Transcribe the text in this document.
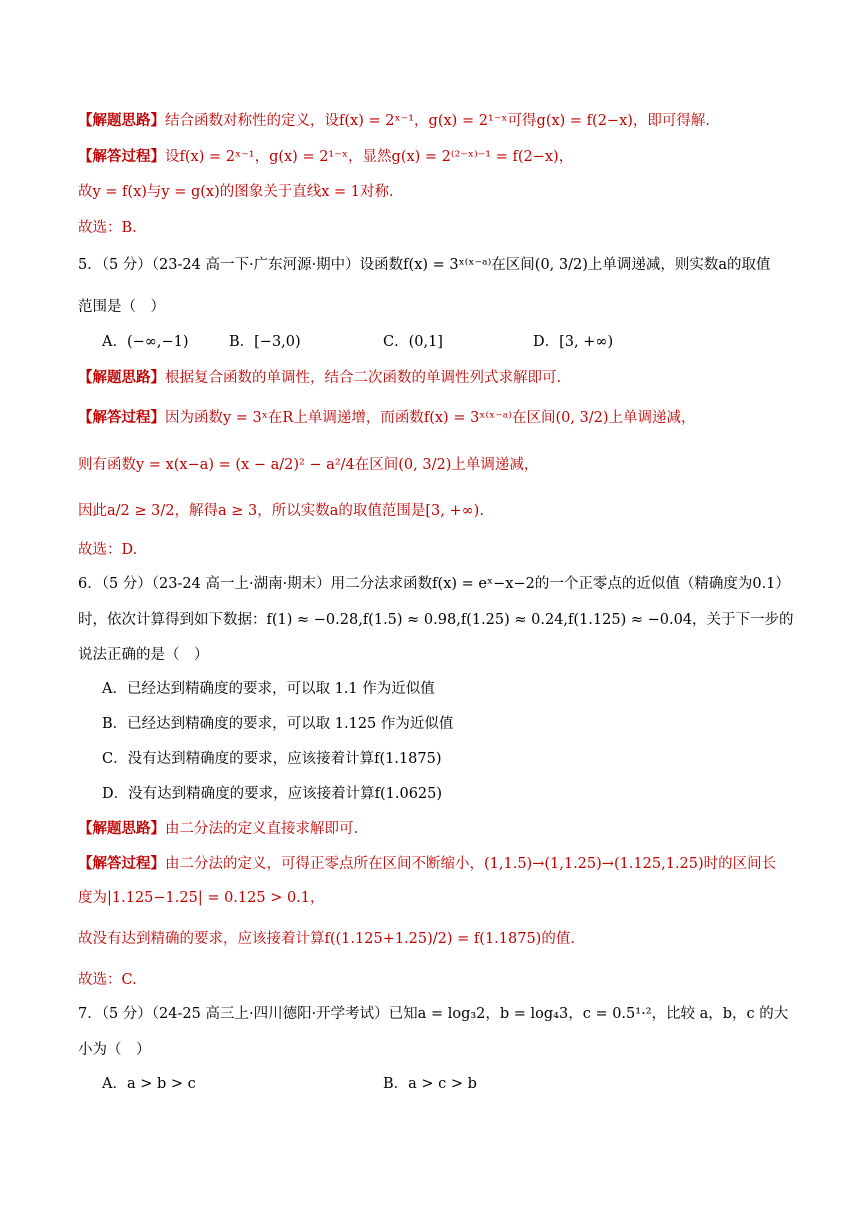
【解题思路】结合函数对称性的定义，设f(x) = 2ˣ⁻¹，g(x) = 2¹⁻ˣ可得g(x) = f(2−x)，即可得解.
【解答过程】设f(x) = 2ˣ⁻¹，g(x) = 2¹⁻ˣ，显然g(x) = 2⁽²⁻ˣ⁾⁻¹ = f(2−x)，
故y = f(x)与y = g(x)的图象关于直线x = 1对称.
故选：B.
5．（5 分）（23-24 高一下·广东河源·期中）设函数f(x) = 3ˣ⁽ˣ⁻ᵃ⁾在区间(0, 3/2)上单调递减，则实数a的取值
范围是（　）
A．(−∞,−1)	B．[−3,0)	C．(0,1]	D．[3, +∞)
【解题思路】根据复合函数的单调性，结合二次函数的单调性列式求解即可.
【解答过程】因为函数y = 3ˣ在R上单调递增，而函数f(x) = 3ˣ⁽ˣ⁻ᵃ⁾在区间(0, 3/2)上单调递减，
则有函数y = x(x−a) = (x − a/2)² − a²/4在区间(0, 3/2)上单调递减，
因此a/2 ≥ 3/2，解得a ≥ 3，所以实数a的取值范围是[3, +∞).
故选：D.
6．（5 分）（23-24 高一上·湖南·期末）用二分法求函数f(x) = eˣ−x−2的一个正零点的近似值（精确度为0.1）
时，依次计算得到如下数据：f(1) ≈ −0.28,f(1.5) ≈ 0.98,f(1.25) ≈ 0.24,f(1.125) ≈ −0.04，关于下一步的
说法正确的是（　）
A．已经达到精确度的要求，可以取 1.1 作为近似值
B．已经达到精确度的要求，可以取 1.125 作为近似值
C．没有达到精确度的要求，应该接着计算f(1.1875)
D．没有达到精确度的要求，应该接着计算f(1.0625)
【解题思路】由二分法的定义直接求解即可.
【解答过程】由二分法的定义，可得正零点所在区间不断缩小，(1,1.5)→(1,1.25)→(1.125,1.25)时的区间长
度为|1.125−1.25| = 0.125 > 0.1，
故没有达到精确的要求，应该接着计算f((1.125+1.25)/2) = f(1.1875)的值.
故选：C.
7．（5 分）（24-25 高三上·四川德阳·开学考试）已知a = log₃2，b = log₄3，c = 0.5¹·²，比较 a，b，c 的大
小为（　）
A．a > b > c	B．a > c > b
